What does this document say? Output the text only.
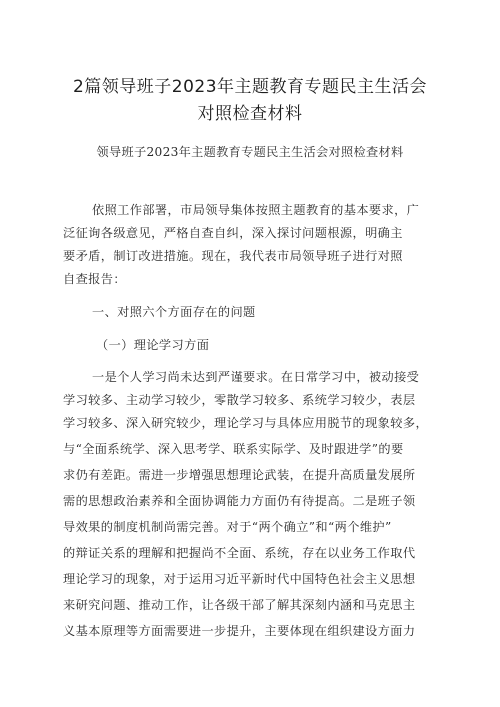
2篇领导班子2023年主题教育专题民主生活会
对照检查材料
领导班子2023年主题教育专题民主生活会对照检查材料
依照工作部署，市局领导集体按照主题教育的基本要求，广
泛征询各级意见，严格自查自纠，深入探讨问题根源，明确主
要矛盾，制订改进措施。现在，我代表市局领导班子进行对照
自查报告：
一、对照六个方面存在的问题
（一）理论学习方面
一是个人学习尚未达到严谨要求。在日常学习中，被动接受
学习较多、主动学习较少，零散学习较多、系统学习较少，表层
学习较多、深入研究较少，理论学习与具体应用脱节的现象较多，
与“全面系统学、深入思考学、联系实际学、及时跟进学”的要
求仍有差距。需进一步增强思想理论武装，在提升高质量发展所
需的思想政治素养和全面协调能力方面仍有待提高。二是班子领
导效果的制度机制尚需完善。对于“两个确立”和“两个维护”
的辩证关系的理解和把握尚不全面、系统，存在以业务工作取代
理论学习的现象，对于运用习近平新时代中国特色社会主义思想
来研究问题、推动工作，让各级干部了解其深刻内涵和马克思主
义基本原理等方面需要进一步提升，主要体现在组织建设方面力
